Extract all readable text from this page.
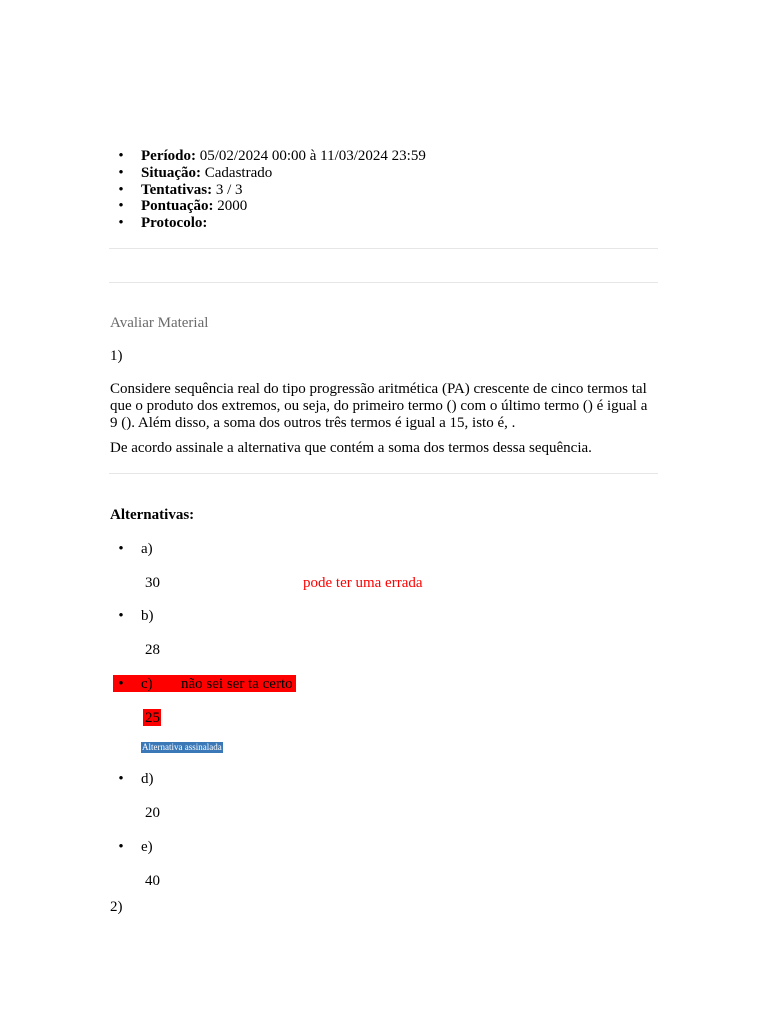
•
Período: 05/02/2024 00:00 à 11/03/2024 23:59
•
Situação: Cadastrado
•
Tentativas: 3 / 3
•
Pontuação: 2000
•
Protocolo:
Avaliar Material
1)
Considere sequência real do tipo progressão aritmética (PA) crescente de cinco termos tal que o produto dos extremos, ou seja, do primeiro termo () com o último termo () é igual a 9 (). Além disso, a soma dos outros três termos é igual a 15, isto é, .
De acordo assinale a alternativa que contém a soma dos termos dessa sequência.
Alternativas:
•
a)
30	pode ter uma errada
•
b)
28
•
c) não sei ser ta certo
25
Alternativa assinalada
•
d)
20
•
e)
40
2)
